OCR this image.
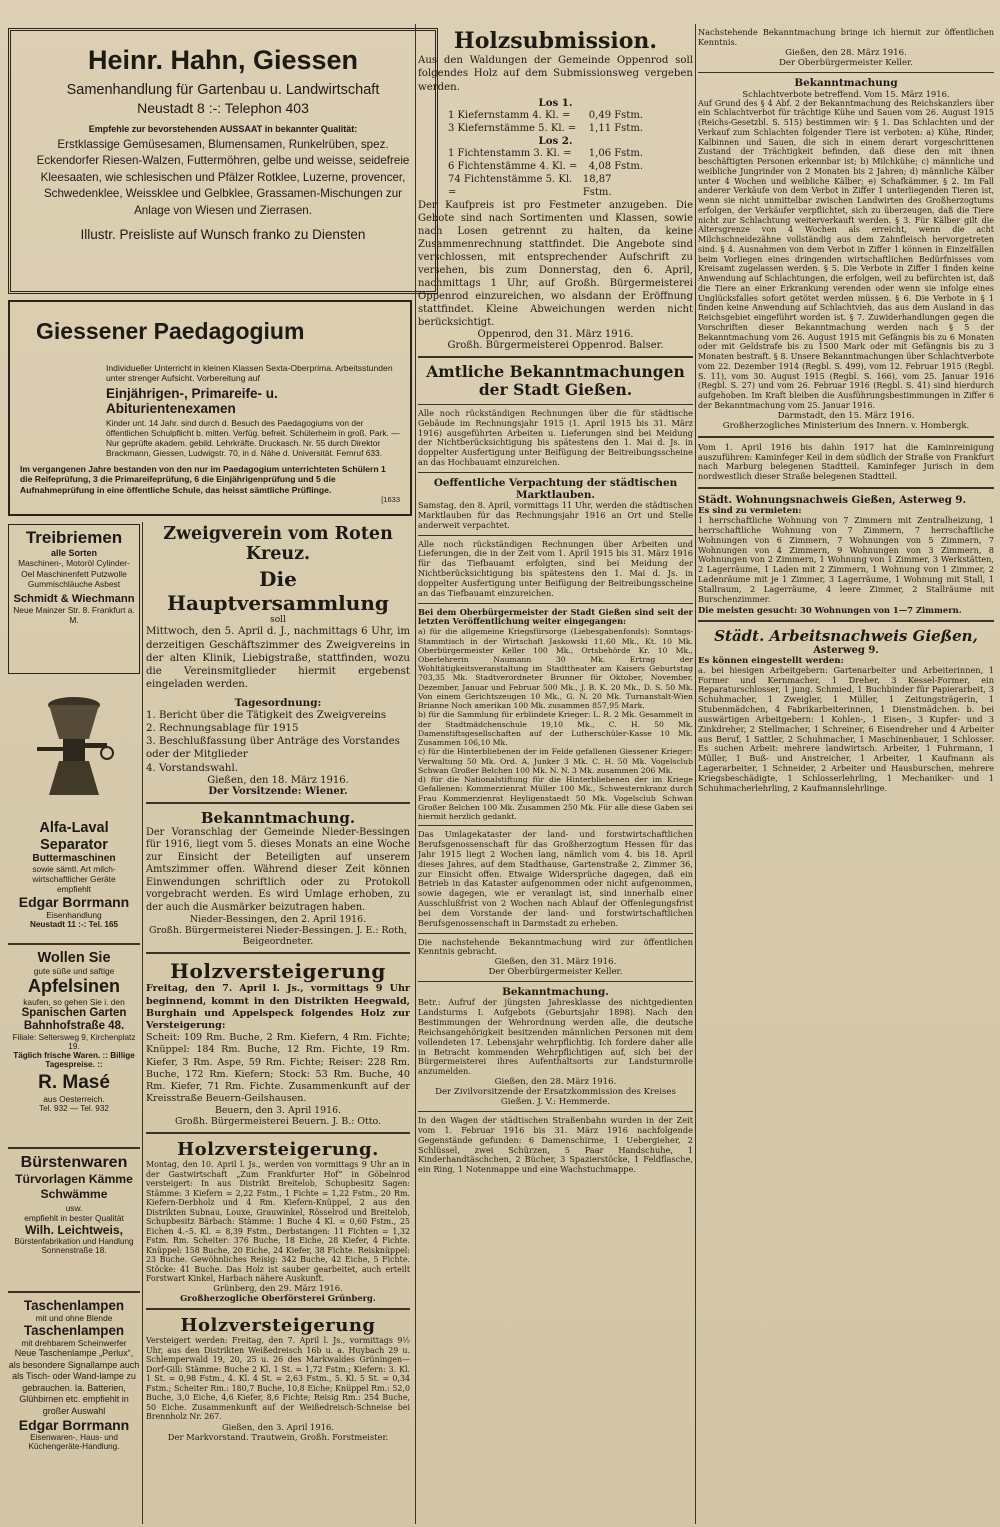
Heinr. Hahn, Giessen
Samenhandlung für Gartenbau u. Landwirtschaft
Neustadt 8 :-: Telephon 403
Empfehle zur bevorstehenden AUSSAAT in bekannter Qualität:
Erstklassige Gemüsesamen, Blumensamen, Runkelrüben, spez. Eckendorfer Riesen-Walzen, Futtermöhren, gelbe und weisse, seidefreie Kleesaaten, wie schlesischen und Pfälzer Rotklee, Luzerne, provencer, Schwedenklee, Weissklee und Gelbklee, Grassamen-Mischungen zur Anlage von Wiesen und Zierrasen.
Illustr. Preisliste auf Wunsch franko zu Diensten
Giessener Paedagogium
Individueller Unterricht in kleinen Klassen Sexta-Oberprima. Arbeitsstunden unter strenger Aufsicht. Vorbereitung auf
Einjährigen-, Primareife- u. Abiturientenexamen
Kinder unt. 14 Jahr. sind durch d. Besuch des Paedagogiums von der öffentlichen Schulpflicht b. mitten. Verfüg. befreit. Schülerheim in groß. Park. — Nur geprüfte akadem. gebild. Lehrkräfte. Druckasch. Nr. 55 durch Direktor Brackmann, Giessen, Ludwigstr. 70, in d. Nähe d. Universität. Fernruf 633.
Im vergangenen Jahre bestanden von den nur im Paedagogium unterrichteten Schülern 1 die Reifeprüfung, 3 die Primareifeprüfung, 6 die Einjährigenprüfung und 5 die Aufnahmeprüfung in eine öffentliche Schule, das heisst sämtliche Prüflinge.
[1633
Treibriemen
alle Sorten
Maschinen-, Motoröl Cylinder-Oel Maschinenfett Putzwolle Gummischläuche Asbest
Schmidt & Wiechmann
Neue Mainzer Str. 8. Frankfurt a. M.
Alfa-Laval Separator
Buttermaschinen
sowie sämtl. Art milch-wirtschaftlicher Geräte
empfiehlt
Edgar Borrmann
Eisenhandlung
Neustadt 11 :-: Tel. 165
Wollen Sie
gute süße und saftige
Apfelsinen
kaufen, so gehen Sie i. den
Spanischen Garten Bahnhofstraße 48.
Filiale: Seltersweg 9, Kirchenplatz 19.
Täglich frische Waren. :: Billige Tagespreise. ::
R. Masé
aus Oesterreich.
Tel. 932 — Tel. 932
Bürstenwaren
Türvorlagen Kämme Schwämme
usw.
empfiehlt in bester Qualität
Wilh. Leichtweis,
Bürstenfabrikation und Handlung Sonnenstraße 18.
Taschenlampen
mit und ohne Blende
Taschenlampen
mit drehbarem Scheinwerfer
Neue Taschenlampe „Perlux“, als besondere Signallampe auch als Tisch- oder Wand-lampe zu gebrauchen. Ia. Batterien, Glühbirnen etc. empfiehlt in großer Auswahl
Edgar Borrmann
Eisenwaren-, Haus- und Küchengeräte-Handlung.
Zweigverein vom Roten Kreuz.
Die Hauptversammlung
soll
Mittwoch, den 5. April d. J., nachmittags 6 Uhr, im derzeitigen Geschäftszimmer des Zweigvereins in der alten Klinik, Liebigstraße, stattfinden, wozu die Vereinsmitglieder hiermit ergebenst eingeladen werden.
Tagesordnung:
1. Bericht über die Tätigkeit des Zweigvereins
2. Rechnungsablage für 1915
3. Beschlußfassung über Anträge des Vorstandes oder der Mitglieder
4. Vorstandswahl.
Gießen, den 18. März 1916.
Der Vorsitzende: Wiener.
Bekanntmachung.
Der Voranschlag der Gemeinde Nieder-Bessingen für 1916, liegt vom 5. dieses Monats an eine Woche zur Einsicht der Beteiligten auf unserem Amtszimmer offen. Während dieser Zeit können Einwendungen schriftlich oder zu Protokoll vorgebracht werden. Es wird Umlage erhoben, zu der auch die Ausmärker beizutragen haben.
Nieder-Bessingen, den 2. April 1916.
Großh. Bürgermeisterei Nieder-Bessingen. J. E.: Roth, Beigeordneter.
Holzversteigerung
Freitag, den 7. April l. Js., vormittags 9 Uhr beginnend, kommt in den Distrikten Heegwald, Burghain und Appelspeck folgendes Holz zur Versteigerung:
Scheit: 109 Rm. Buche, 2 Rm. Kiefern, 4 Rm. Fichte; Knüppel: 184 Rm. Buche, 12 Rm. Fichte, 19 Rm. Kiefer, 3 Rm. Aspe, 59 Rm. Fichte; Reiser: 228 Rm. Buche, 172 Rm. Kiefern; Stock: 53 Rm. Buche, 40 Rm. Kiefer, 71 Rm. Fichte. Zusammenkunft auf der Kreisstraße Beuern-Geilshausen.
Beuern, den 3. April 1916.
Großh. Bürgermeisterei Beuern. J. B.: Otto.
Holzversteigerung.
Montag, den 10. April l. Js., werden von vormittags 9 Uhr an in der Gastwirtschaft „Zum Frankfurter Hof“ in Göbelnrod versteigert: In aus Distrikt Breitelob, Schupbesitz Sagen: Stämme: 3 Kiefern = 2,22 Fstm., 1 Fichte = 1,22 Fstm., 20 Rm. Kiefern-Derbholz und 4 Rm. Kiefern-Knüppel, 2 aus den Distrikten Subnau, Louxe, Grauwinkel, Rösselrod und Breitelob, Schupbesitz Bärbach: Stämme: 1 Buche 4 Kl. = 0,60 Fstm., 25 Eichen 4.–5. Kl. = 8,39 Fstm., Derbstangen: 11 Fichten = 1,32 Fstm. Rm. Scheiter: 376 Buche, 18 Eiche, 28 Kiefer, 4 Fichte. Knüppel: 158 Buche, 20 Eiche, 24 Kiefer, 38 Fichte. Reisknüppel: 23 Buche. Gewöhnliches Reisig: 342 Buche, 42 Eiche, 5 Fichte. Stöcke: 41 Buche. Das Holz ist sauber gearbeitet, auch erteilt Forstwart Kinkel, Harbach nähere Auskunft.
Grünberg, den 29. März 1916.
Großherzogliche Oberförsterei Grünberg.
Holzversteigerung
Versteigert werden: Freitag, den 7. April l. Js., vormittags 9½ Uhr, aus den Distrikten Weißedreisch 16b u. a. Huybach 29 u. Schlemperwald 19, 20, 25 u. 26 des Markwaldes Grüningen—Dorf-Gill: Stämme: Buche 2 Kl. 1 St. = 1,72 Fstm.; Kiefern: 3. Kl. 1 St. = 0,98 Fstm., 4. Kl. 4 St. = 2,63 Fstm., 5. Kl. 5 St. = 0,34 Fstm.; Scheiter Rm.: 180,7 Buche, 10,8 Eiche; Knüppel Rm.: 52,0 Buche, 3,0 Eiche, 4,6 Kiefer, 8,6 Fichte; Reisig Rm.: 254 Buche, 50 Eiche. Zusammenkunft auf der Weißedreisch-Schneise bei Brennholz Nr. 267.
Gießen, den 3. April 1916.
Der Markvorstand. Trautwein, Großh. Forstmeister.
Holzsubmission.
Aus den Waldungen der Gemeinde Oppenrod soll folgendes Holz auf dem Submissionsweg vergeben werden.
Los 1.
1 Kiefernstamm 4. Kl. = 0,49 Fstm.
3 Kiefernstämme 5. Kl. = 1,11 Fstm.
Los 2.
1 Fichtenstamm 3. Kl. = 1,06 Fstm.
6 Fichtenstämme 4. Kl. = 4,08 Fstm.
74 Fichtenstämme 5. Kl. =
18,87 Fstm.
Der Kaufpreis ist pro Festmeter anzugeben. Die Gebote sind nach Sortimenten und Klassen, sowie nach Losen getrennt zu halten, da keine Zusammenrechnung stattfindet. Die Angebote sind verschlossen, mit entsprechender Aufschrift zu versehen, bis zum Donnerstag, den 6. April, nachmittags 1 Uhr, auf Großh. Bürgermeisterei Oppenrod einzureichen, wo alsdann der Eröffnung stattfindet. Kleine Abweichungen werden nicht berücksichtigt.
Oppenrod, den 31. März 1916.
Großh. Bürgermeisterei Oppenrod. Balser.
Amtliche Bekanntmachungen der Stadt Gießen.
Alle noch rückständigen Rechnungen über die für städtische Gebäude im Rechnungsjahr 1915 (1. April 1915 bis 31. März 1916) ausgeführten Arbeiten u. Lieferungen sind bei Meidung der Nichtberücksichtigung bis spätestens den 1. Mai d. Js. in doppelter Ausfertigung unter Beifügung der Beitreibungsscheine an das Hochbauamt einzureichen.
Oeffentliche Verpachtung der städtischen Marktlauben.
Samstag, den 8. April, vormittags 11 Uhr, werden die städtischen Marktlauben für das Rechnungsjahr 1916 an Ort und Stelle anderweit verpachtet.
Alle noch rückständigen Rechnungen über Arbeiten und Lieferungen, die in der Zeit vom 1. April 1915 bis 31. März 1916 für das Tiefbauamt erfolgten, sind bei Meidung der Nichtberücksichtigung bis spätestens den 1. Mai d. Js. in doppelter Ausfertigung unter Beifügung der Beitreibungsscheine an das Tiefbauamt einzureichen.
Bei dem Oberbürgermeister der Stadt Gießen sind seit der letzten Veröffentlichung weiter eingegangen:
a) für die allgemeine Kriegsfürsorge (Liebesgabenfonds): Sonntags-Stammtisch in der Wirtschaft Jaskowski 11,60 Mk., Kt. 10 Mk. Oberbürgermeister Keller 100 Mk., Ortsbehörde Kr. 10 Mk., Oberlehrerin Naumann 30 Mk. Ertrag der Wohltätigkeitsveranstaltung im Stadttheater am Kaisers Geburtstag 703,35 Mk. Stadtverordneter Brunner für Oktober, November, Dezember, Januar und Februar 500 Mk., J. B. K. 20 Mk., D. S. 50 Mk. Von einem Gerichtszeugen 10 Mk., G. N. 20 Mk. Turnanstalt-Wien Brianne Noch amerikan 100 Mk. zusammen 857,95 Mark.
b) für die Sammlung für erblindete Krieger: L. R. 2 Mk. Gesammelt in der Stadtmädchenschule 19,10 Mk., C. H. 50 Mk. Damenstiftsgesellschaften auf der Lutherschüler-Kasse 10 Mk. Zusammen 106,10 Mk.
c) für die Hinterbliebenen der im Felde gefallenen Giessener Krieger: Verwaltung 50 Mk. Ord. A. Junker 3 Mk. C. H. 50 Mk. Vogelsclub Schwan Großer Belchen 100 Mk. N. N. 3 Mk. zusammen 206 Mk.
d) für die Nationalstiftung für die Hinterbliebenen der im Kriege Gefallenen: Kommerzienrat Müller 100 Mk., Schwesternkranz durch Frau Kommerzienrat Heyligenstaedt 50 Mk. Vogelsclub Schwan Großer Belchen 100 Mk. Zusammen 250 Mk. Für alle diese Gaben sei hiermit herzlich gedankt.
Das Umlagekataster der land- und forstwirtschaftlichen Berufsgenossenschaft für das Großherzogtum Hessen für das Jahr 1915 liegt 2 Wochen lang, nämlich vom 4. bis 18. April dieses Jahres, auf dem Stadthause, Gartenstraße 2, Zimmer 36, zur Einsicht offen. Etwaige Widersprüche dagegen, daß ein Betrieb in das Kataster aufgenommen oder nicht aufgenommen, sowie dagegen, wie er veranlagt ist, sind innerhalb einer Ausschlußfrist von 2 Wochen nach Ablauf der Offenlegungsfrist bei dem Vorstande der land- und forstwirtschaftlichen Berufsgenossenschaft in Darmstadt zu erheben.
Die nachstehende Bekanntmachung wird zur öffentlichen Kenntnis gebracht.
Gießen, den 31. März 1916.
Der Oberbürgermeister Keller.
Bekanntmachung.
Betr.: Aufruf der jüngsten Jahresklasse des nichtgedienten Landsturms I. Aufgebots (Geburtsjahr 1898). Nach den Bestimmungen der Wehrordnung werden alle, die deutsche Reichsangehörigkeit besitzenden männlichen Personen mit dem vollendeten 17. Lebensjahr wehrpflichtig. Ich fordere daher alle in Betracht kommenden Wehrpflichtigen auf, sich bei der Bürgermeisterei ihres Aufenthaltsorts zur Landsturmrolle anzumelden.
Gießen, den 28. März 1916.
Der Zivilvorsitzende der Ersatzkommission des Kreises Gießen. J. V.: Hemmerde.
In den Wagen der städtischen Straßenbahn wurden in der Zeit vom 1. Februar 1916 bis 31. März 1916 nachfolgende Gegenstände gefunden: 6 Damenschirme, 1 Uebergieher, 2 Schlüssel, zwei Schürzen, 5 Paar Handschuhe, 1 Kinderhandtäschchen, 2 Bücher, 3 Spazierstöcke, 1 Feldflasche, ein Ring, 1 Notenmappe und eine Wachstuchmappe.
Nachstehende Bekanntmachung bringe ich hiermit zur öffentlichen Kenntnis.
Gießen, den 28. März 1916.
Der Oberbürgermeister Keller.
Bekanntmachung
Schlachtverbote betreffend. Vom 15. März 1916.
Auf Grund des § 4 Abf. 2 der Bekanntmachung des Reichskanzlers über ein Schlachtverbot für trächtige Kühe und Sauen vom 26. August 1915 (Reichs-Gesetzbl. S. 515) bestimmen wir: § 1. Das Schlachten und der Verkauf zum Schlachten folgender Tiere ist verboten: a) Kühe, Rinder, Kalbinnen und Sauen, die sich in einem derart vorgeschrittenen Zustand der Trächtigkeit befinden, daß diese den mit ihnen beschäftigten Personen erkennbar ist; b) Milchkühe; c) männliche und weibliche Jungrinder von 2 Monaten bis 2 Jahren; d) männliche Kälber unter 4 Wochen und weibliche Kälber; e) Schafkämmer. § 2. Im Fall anderer Verkäufe von dem Verbot in Ziffer 1 unterliegenden Tieren ist, wenn sie nicht unmittelbar zwischen Landwirten des Großherzogtums erfolgen, der Verkäufer verpflichtet, sich zu überzeugen, daß die Tiere nicht zur Schlachtung weiterverkauft werden. § 3. Für Kälber gilt die Altersgrenze von 4 Wochen als erreicht, wenn die acht Milchschneidezähne vollständig aus dem Zahnfleisch hervorgetreten sind. § 4. Ausnahmen von dem Verbot in Ziffer 1 können in Einzelfällen beim Vorliegen eines dringenden wirtschaftlichen Bedürfnisses vom Kreisamt zugelassen werden. § 5. Die Verbote in Ziffer 1 finden keine Anwendung auf Schlachtungen, die erfolgen, weil zu befürchten ist, daß die Tiere an einer Erkrankung verenden oder wenn sie infolge eines Unglücksfalles sofort getötet werden müssen. § 6. Die Verbote in § 1 finden keine Anwendung auf Schlachtvieh, das aus dem Ausland in das Reichsgebiet eingeführt worden ist. § 7. Zuwiderhandlungen gegen die Vorschriften dieser Bekanntmachung werden nach § 5 der Bekanntmachung vom 26. August 1915 mit Gefängnis bis zu 6 Monaten oder mit Geldstrafe bis zu 1500 Mark oder mit Gefängnis bis zu 3 Monaten bestraft. § 8. Unsere Bekanntmachungen über Schlachtverbote vom 22. Dezember 1914 (Regbl. S. 499), vom 12. Februar 1915 (Regbl. S. 11), vom 30. August 1915 (Regbl. S. 166), vom 25. Januar 1916 (Regbl. S. 27) und vom 26. Februar 1916 (Regbl. S. 41) sind hierdurch aufgehoben. Im Kraft bleiben die Ausführungsbestimmungen in Ziffer 6 der Bekanntmachung vom 25. Januar 1916.
Darmstadt, den 15. März 1916.
Großherzogliches Ministerium des Innern. v. Hombergk.
Vom 1. April 1916 bis dahin 1917 hat die Kaminreinigung auszuführen: Kaminfeger Keil in dem südlich der Straße von Frankfurt nach Marburg belegenen Stadtteil. Kaminfeger Jurisch in dem nordwestlich dieser Straße belegenen Stadtteil.
Städt. Wohnungsnachweis Gießen, Asterweg 9.
Es sind zu vermieten:
1 herrschaftliche Wohnung von 7 Zimmern mit Zentralheizung, 1 herrschaftliche Wohnung von 7 Zimmern, 7 herrschaftliche Wohnungen von 6 Zimmern, 7 Wohnungen von 5 Zimmern, 7 Wohnungen von 4 Zimmern, 9 Wohnungen von 3 Zimmern, 8 Wohnungen von 2 Zimmern, 1 Wohnung von 1 Zimmer, 3 Werkstätten, 2 Lagerräume, 1 Laden mit 2 Zimmern, 1 Wohnung von 1 Zimmer, 2 Ladenräume mit je 1 Zimmer, 3 Lagerräume, 1 Wohnung mit Stall, 1 Stallraum, 2 Lagerräume, 4 leere Zimmer, 2 Stallräume mit Burschenzimmer.
Die meisten gesucht: 30 Wohnungen von 1—7 Zimmern.
Städt. Arbeitsnachweis Gießen,
Asterweg 9.
Es können eingestellt werden:
a. bei hiesigen Arbeitgebern: Gartenarbeiter und Arbeiterinnen, 1 Former und Kernmacher, 1 Dreher, 3 Kessel-Former, ein Reparaturschlosser, 1 jung. Schmied, 1 Buchbinder für Papierarbeit, 3 Schuhmacher, 1 Zweigler, 1 Müller, 1 Zeitungsträgerin, 1 Stubenmädchen, 4 Fabrikarbeiterinnen, 1 Dienstmädchen. b. bei auswärtigen Arbeitgebern: 1 Kohlen-, 1 Eisen-, 3 Kupfer- und 3 Zinkdreher, 2 Stellmacher, 1 Schreiner, 6 Eisendreher und 4 Arbeiter aus Beruf, 1 Sattler, 2 Schuhmacher, 1 Maschinenbauer, 1 Schlosser. Es suchen Arbeit: mehrere landwirtsch. Arbeiter, 1 Fuhrmann, 1 Müller, 1 Buß- und Anstreicher, 1 Arbeiter, 1 Kaufmann als Lagerarbeiter, 1 Schneider, 2 Arbeiter und Hausburschen, mehrere Kriegsbeschädigte, 1 Schlosserlehrling, 1 Mechaniker- und 1 Schuhmacherlehrling, 2 Kaufmannslehrlinge.
